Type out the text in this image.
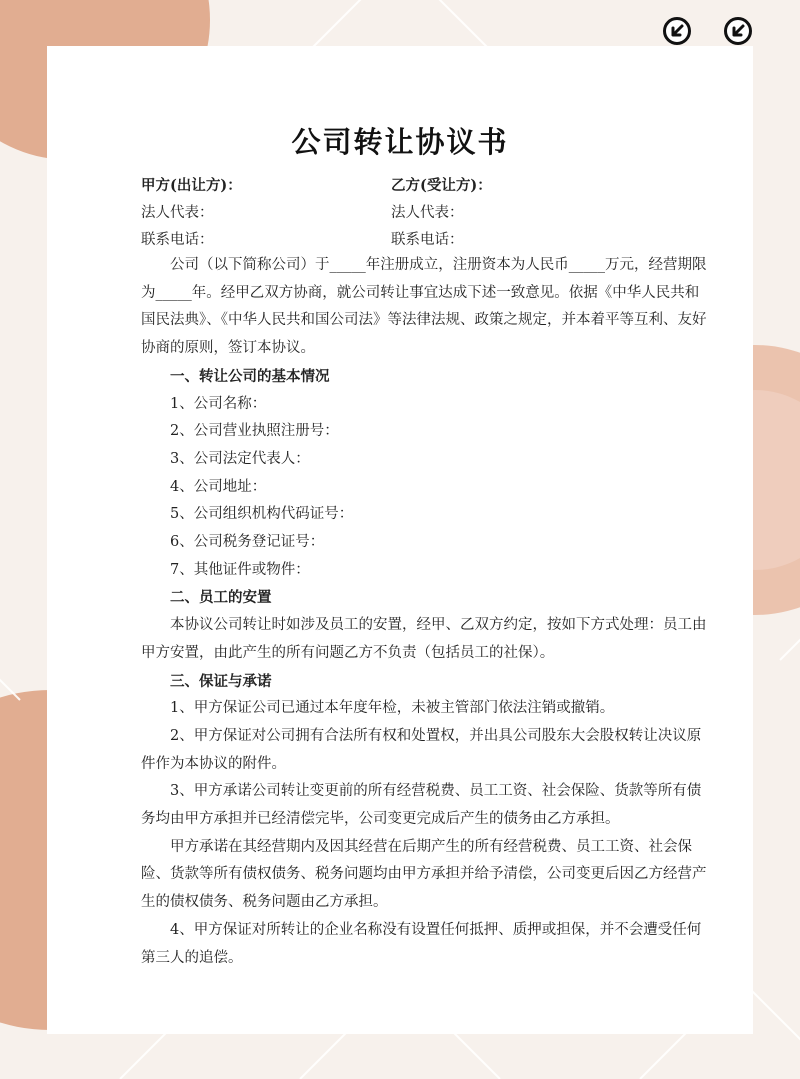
公司转让协议书
甲方(出让方)：	乙方(受让方)：
法人代表：	法人代表：
联系电话：	联系电话：

公司（以下简称公司）于_____年注册成立，注册资本为人民币_____万元，经营期限为_____年。经甲乙双方协商，就公司转让事宜达成下述一致意见。依据《中华人民共和国民法典》、《中华人民共和国公司法》等法律法规、政策之规定，并本着平等互利、友好协商的原则，签订本协议。

一、转让公司的基本情况

1、公司名称：

2、公司营业执照注册号：

3、公司法定代表人：

4、公司地址：

5、公司组织机构代码证号：

6、公司税务登记证号：

7、其他证件或物件：

二、员工的安置

本协议公司转让时如涉及员工的安置，经甲、乙双方约定，按如下方式处理：员工由甲方安置，由此产生的所有问题乙方不负责（包括员工的社保）。

三、保证与承诺

1、甲方保证公司已通过本年度年检，未被主管部门依法注销或撤销。

2、甲方保证对公司拥有合法所有权和处置权，并出具公司股东大会股权转让决议原件作为本协议的附件。

3、甲方承诺公司转让变更前的所有经营税费、员工工资、社会保险、货款等所有债务均由甲方承担并已经清偿完毕，公司变更完成后产生的债务由乙方承担。

甲方承诺在其经营期内及因其经营在后期产生的所有经营税费、员工工资、社会保险、货款等所有债权债务、税务问题均由甲方承担并给予清偿，公司变更后因乙方经营产生的债权债务、税务问题由乙方承担。

4、甲方保证对所转让的企业名称没有设置任何抵押、质押或担保，并不会遭受任何第三人的追偿。
